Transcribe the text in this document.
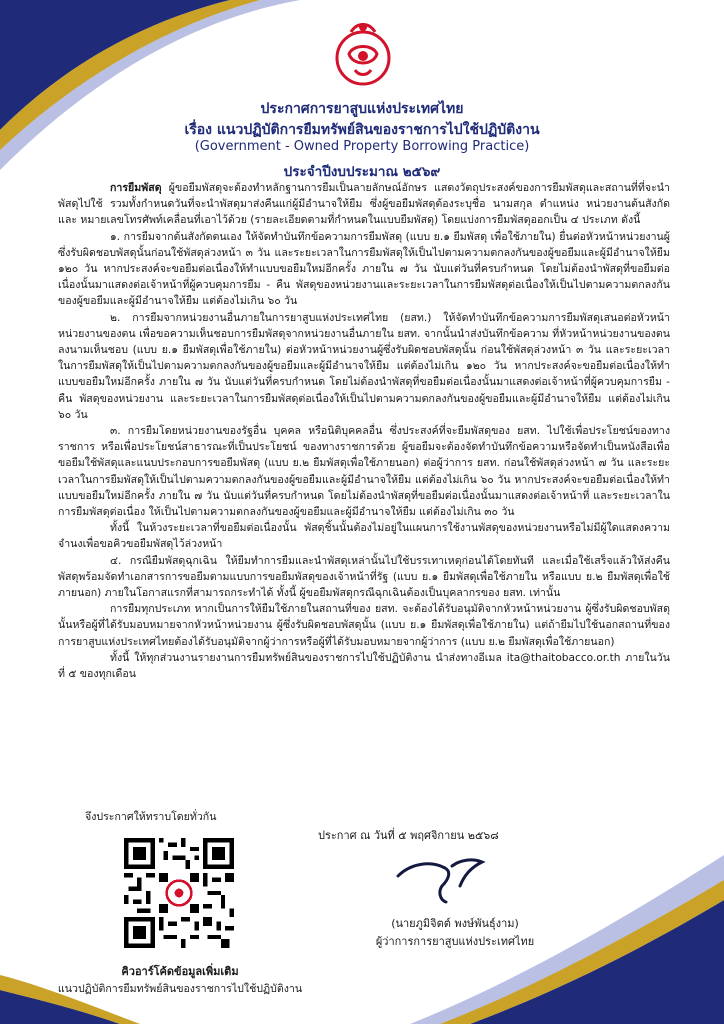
ประกาศการยาสูบแห่งประเทศไทย
เรื่อง แนวปฏิบัติการยืมทรัพย์สินของราชการไปใช้ปฏิบัติงาน
(Government - Owned Property Borrowing Practice)
ประจำปีงบประมาณ ๒๕๖๙

การยืมพัสดุ ผู้ขอยืมพัสดุจะต้องทำหลักฐานการยืมเป็นลายลักษณ์อักษร แสดงวัตถุประสงค์ของการยืมพัสดุและสถานที่ที่จะนำพัสดุไปใช้ รวมทั้งกำหนดวันที่จะนำพัสดุมาส่งคืนแก่ผู้มีอำนาจให้ยืม ซึ่งผู้ขอยืมพัสดุต้องระบุชื่อ นามสกุล ตำแหน่ง หน่วยงานต้นสังกัด และ หมายเลขโทรศัพท์เคลื่อนที่เอาไว้ด้วย (รายละเอียดตามที่กำหนดในแบบยืมพัสดุ) โดยแบ่งการยืมพัสดุออกเป็น ๔ ประเภท ดังนี้

๑. การยืมจากต้นสังกัดตนเอง ให้จัดทำบันทึกข้อความการยืมพัสดุ (แบบ ย.๑ ยืมพัสดุ เพื่อใช้ภายใน) ยื่นต่อหัวหน้าหน่วยงานผู้ซึ่งรับผิดชอบพัสดุนั้นก่อนใช้พัสดุล่วงหน้า ๓ วัน และระยะเวลาในการยืมพัสดุให้เป็นไปตามความตกลงกันของผู้ขอยืมและผู้มีอำนาจให้ยืม ๑๒๐ วัน หากประสงค์จะขอยืมต่อเนื่องให้ทำแบบขอยืมใหม่อีกครั้ง ภายใน ๗ วัน นับแต่วันที่ครบกำหนด โดยไม่ต้องนำพัสดุที่ขอยืมต่อเนื่องนั้นมาแสดงต่อเจ้าหน้าที่ผู้ควบคุมการยืม - คืน พัสดุของหน่วยงานและระยะเวลาในการยืมพัสดุต่อเนื่องให้เป็นไปตามความตกลงกันของผู้ขอยืมและผู้มีอำนาจให้ยืม แต่ต้องไม่เกิน ๖๐ วัน

๒. การยืมจากหน่วยงานอื่นภายในการยาสูบแห่งประเทศไทย (ยสท.) ให้จัดทำบันทึกข้อความการยืมพัสดุเสนอต่อหัวหน้าหน่วยงานของตน เพื่อขอความเห็นชอบการยืมพัสดุจากหน่วยงานอื่นภายใน ยสท. จากนั้นนำส่งบันทึกข้อความ ที่หัวหน้าหน่วยงานของตนลงนามเห็นชอบ (แบบ ย.๑ ยืมพัสดุเพื่อใช้ภายใน) ต่อหัวหน้าหน่วยงานผู้ซึ่งรับผิดชอบพัสดุนั้น ก่อนใช้พัสดุล่วงหน้า ๓ วัน และระยะเวลาในการยืมพัสดุให้เป็นไปตามความตกลงกันของผู้ขอยืมและผู้มีอำนาจให้ยืม แต่ต้องไม่เกิน ๑๒๐ วัน หากประสงค์จะขอยืมต่อเนื่องให้ทำแบบขอยืมใหม่อีกครั้ง ภายใน ๗ วัน นับแต่วันที่ครบกำหนด โดยไม่ต้องนำพัสดุที่ขอยืมต่อเนื่องนั้นมาแสดงต่อเจ้าหน้าที่ผู้ควบคุมการยืม - คืน พัสดุของหน่วยงาน และระยะเวลาในการยืมพัสดุต่อเนื่องให้เป็นไปตามความตกลงกันของผู้ขอยืมและผู้มีอำนาจให้ยืม แต่ต้องไม่เกิน ๖๐ วัน

๓. การยืมโดยหน่วยงานของรัฐอื่น บุคคล หรือนิติบุคคลอื่น ซึ่งประสงค์ที่จะยืมพัสดุของ ยสท. ไปใช้เพื่อประโยชน์ของทางราชการ หรือเพื่อประโยชน์สาธารณะที่เป็นประโยชน์ ของทางราชการด้วย ผู้ขอยืมจะต้องจัดทำบันทึกข้อความหรือจัดทำเป็นหนังสือเพื่อขอยืมใช้พัสดุและแนบประกอบการขอยืมพัสดุ (แบบ ย.๒ ยืมพัสดุเพื่อใช้ภายนอก) ต่อผู้ว่าการ ยสท. ก่อนใช้พัสดุล่วงหน้า ๗ วัน และระยะเวลาในการยืมพัสดุให้เป็นไปตามความตกลงกันของผู้ขอยืมและผู้มีอำนาจให้ยืม แต่ต้องไม่เกิน ๖๐ วัน หากประสงค์จะขอยืมต่อเนื่องให้ทำแบบขอยืมใหม่อีกครั้ง ภายใน ๗ วัน นับแต่วันที่ครบกำหนด โดยไม่ต้องนำพัสดุที่ขอยืมต่อเนื่องนั้นมาแสดงต่อเจ้าหน้าที่ และระยะเวลาในการยืมพัสดุต่อเนื่อง ให้เป็นไปตามความตกลงกันของผู้ขอยืมและผู้มีอำนาจให้ยืม แต่ต้องไม่เกิน ๓๐ วัน

ทั้งนี้ ในห้วงระยะเวลาที่ขอยืมต่อเนื่องนั้น พัสดุชิ้นนั้นต้องไม่อยู่ในแผนการใช้งานพัสดุของหน่วยงานหรือไม่มีผู้ใดแสดงความจำนงเพื่อขอคิวขอยืมพัสดุไว้ล่วงหน้า

๔. กรณียืมพัสดุฉุกเฉิน ให้ยืมทำการยืมและนำพัสดุเหล่านั้นไปใช้บรรเทาเหตุก่อนได้โดยทันที และเมื่อใช้เสร็จแล้วให้ส่งคืนพัสดุพร้อมจัดทำเอกสารการขอยืมตามแบบการขอยืมพัสดุของเจ้าหน้าที่รัฐ (แบบ ย.๑ ยืมพัสดุเพื่อใช้ภายใน หรือแบบ ย.๒ ยืมพัสดุเพื่อใช้ภายนอก) ภายในโอกาสแรกที่สามารถกระทำได้ ทั้งนี้ ผู้ขอยืมพัสดุกรณีฉุกเฉินต้องเป็นบุคลากรของ ยสท. เท่านั้น

การยืมทุกประเภท หากเป็นการให้ยืมใช้ภายในสถานที่ของ ยสท. จะต้องได้รับอนุมัติจากหัวหน้าหน่วยงาน ผู้ซึ่งรับผิดชอบพัสดุนั้นหรือผู้ที่ได้รับมอบหมายจากหัวหน้าหน่วยงาน ผู้ซึ่งรับผิดชอบพัสดุนั้น (แบบ ย.๑ ยืมพัสดุเพื่อใช้ภายใน) แต่ถ้ายืมไปใช้นอกสถานที่ของการยาสูบแห่งประเทศไทยต้องได้รับอนุมัติจากผู้ว่าการหรือผู้ที่ได้รับมอบหมายจากผู้ว่าการ (แบบ ย.๒ ยืมพัสดุเพื่อใช้ภายนอก)

ทั้งนี้ ให้ทุกส่วนงานรายงานการยืมทรัพย์สินของราชการไปใช้ปฏิบัติงาน นำส่งทางอีเมล ita@thaitobacco.or.th ภายในวันที่ ๕ ของทุกเดือน

จึงประกาศให้ทราบโดยทั่วกัน
ประกาศ ณ วันที่ ๕ พฤศจิกายน ๒๕๖๘
(นายภูมิจิตต์ พงษ์พันธุ์งาม)
ผู้ว่าการการยาสูบแห่งประเทศไทย
คิวอาร์โค้ดข้อมูลเพิ่มเติม
แนวปฏิบัติการยืมทรัพย์สินของราชการไปใช้ปฏิบัติงาน
